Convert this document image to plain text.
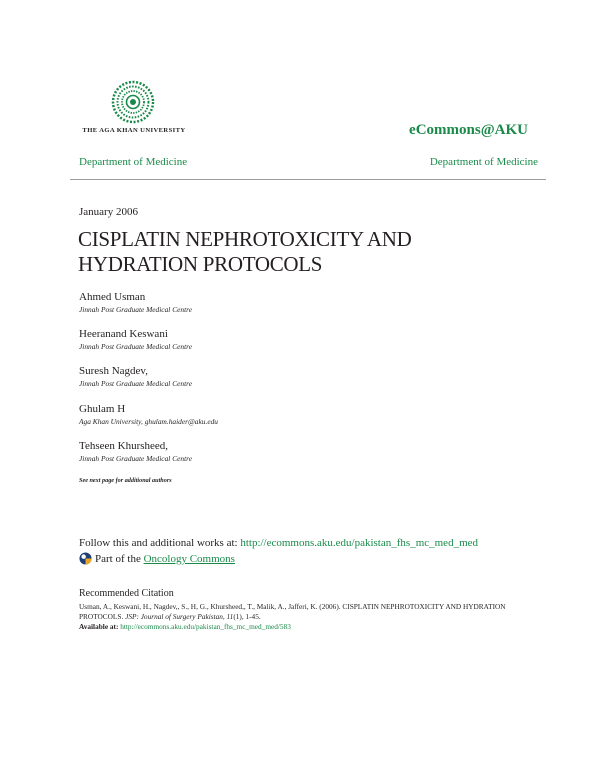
THE AGA KHAN UNIVERSITY	eCommons@AKU
Department of Medicine	Department of Medicine
January 2006
CISPLATIN NEPHROTOXICITY AND
HYDRATION PROTOCOLS
Ahmed Usman
Jinnah Post Graduate Medical Centre
Heeranand Keswani
Jinnah Post Graduate Medical Centre
Suresh Nagdev,
Jinnah Post Graduate Medical Centre
Ghulam H
Aga Khan University, ghulam.haider@aku.edu
Tehseen Khursheed,
Jinnah Post Graduate Medical Centre
See next page for additional authors
Follow this and additional works at: http://ecommons.aku.edu/pakistan_fhs_mc_med_med
Part of the
Oncology Commons
Recommended Citation
Usman, A., Keswani, H., Nagdev,, S., H, G., Khursheed,, T., Malik, A., Jafferi, K. (2006). CISPLATIN NEPHROTOXICITY AND HYDRATION PROTOCOLS. JSP: Journal of Surgery Pakistan, 11(1), 1-45.
Available at: http://ecommons.aku.edu/pakistan_fhs_mc_med_med/583
